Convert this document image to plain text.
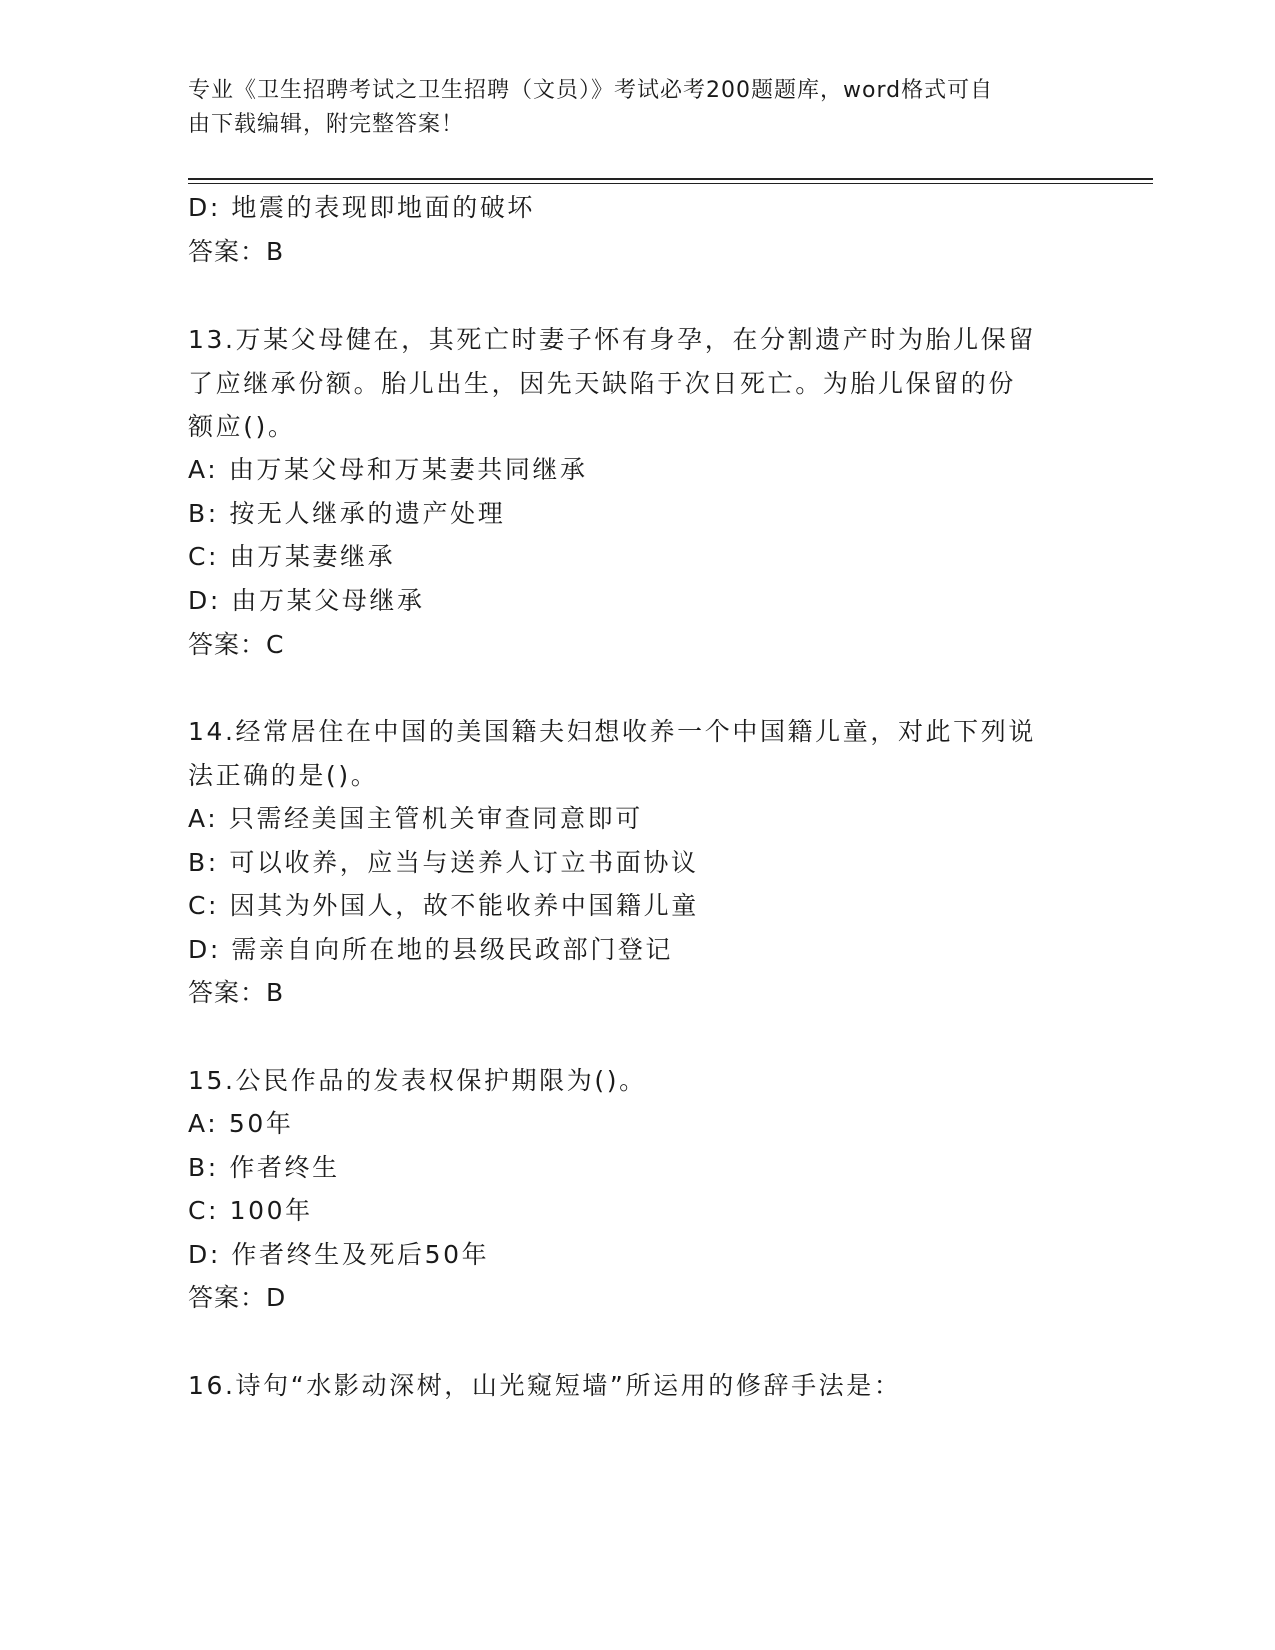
专业《卫生招聘考试之卫生招聘（文员）》考试必考200题题库，word格式可自
由下载编辑，附完整答案！
D: 地震的表现即地面的破坏
答案：B
13.万某父母健在，其死亡时妻子怀有身孕，在分割遗产时为胎儿保留
了应继承份额。胎儿出生，因先天缺陷于次日死亡。为胎儿保留的份
额应()。
A: 由万某父母和万某妻共同继承
B: 按无人继承的遗产处理
C: 由万某妻继承
D: 由万某父母继承
答案：C
14.经常居住在中国的美国籍夫妇想收养一个中国籍儿童，对此下列说
法正确的是()。
A: 只需经美国主管机关审查同意即可
B: 可以收养，应当与送养人订立书面协议
C: 因其为外国人，故不能收养中国籍儿童
D: 需亲自向所在地的县级民政部门登记
答案：B
15.公民作品的发表权保护期限为()。
A: 50年
B: 作者终生
C: 100年
D: 作者终生及死后50年
答案：D
16.诗句“水影动深树，山光窥短墙”所运用的修辞手法是：
